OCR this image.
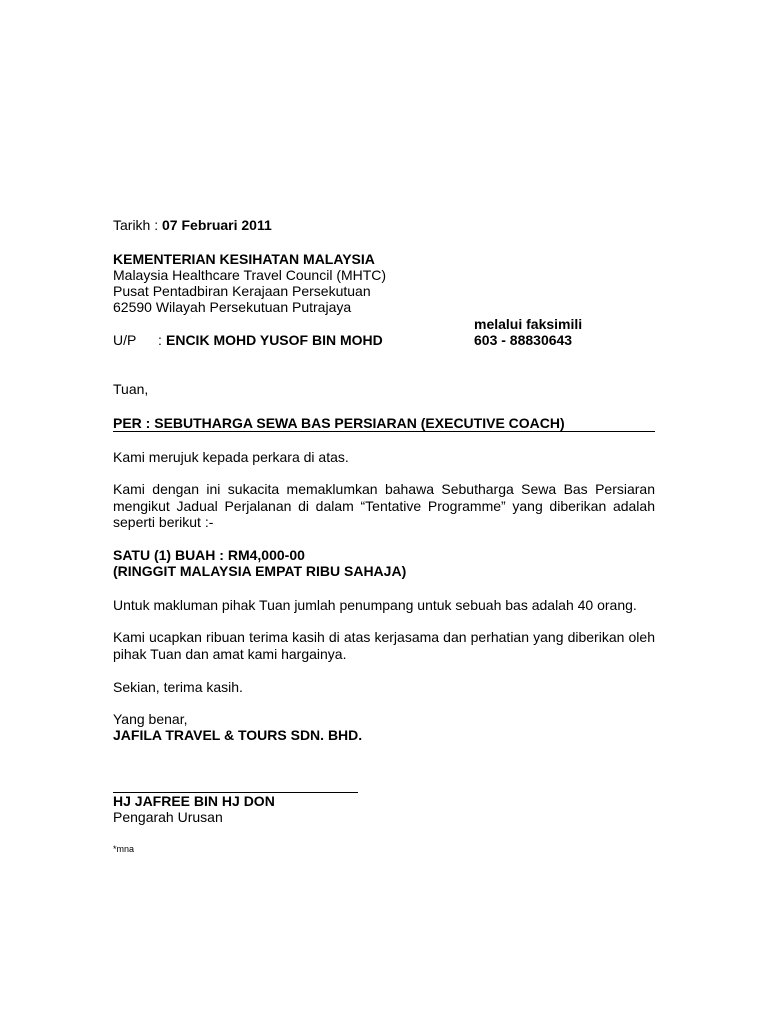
Tarikh : 07 Februari 2011
KEMENTERIAN KESIHATAN MALAYSIA
Malaysia Healthcare Travel Council (MHTC)
Pusat Pentadbiran Kerajaan Persekutuan
62590 Wilayah Persekutuan Putrajaya
melalui faksimili
U/P : ENCIK MOHD YUSOF BIN MOHD	603 - 88830643
Tuan,
PER : SEBUTHARGA SEWA BAS PERSIARAN (EXECUTIVE COACH)
Kami merujuk kepada perkara di atas.
Kami dengan ini sukacita memaklumkan bahawa Sebutharga Sewa Bas Persiaran mengikut Jadual Perjalanan di dalam “Tentative Programme” yang diberikan adalah seperti berikut :-
SATU (1) BUAH : RM4,000-00
(RINGGIT MALAYSIA EMPAT RIBU SAHAJA)
Untuk makluman pihak Tuan jumlah penumpang untuk sebuah bas adalah 40 orang.
Kami ucapkan ribuan terima kasih di atas kerjasama dan perhatian yang diberikan oleh pihak Tuan dan amat kami hargainya.
Sekian, terima kasih.
Yang benar,
JAFILA TRAVEL & TOURS SDN. BHD.
HJ JAFREE BIN HJ DON
Pengarah Urusan
*mna
